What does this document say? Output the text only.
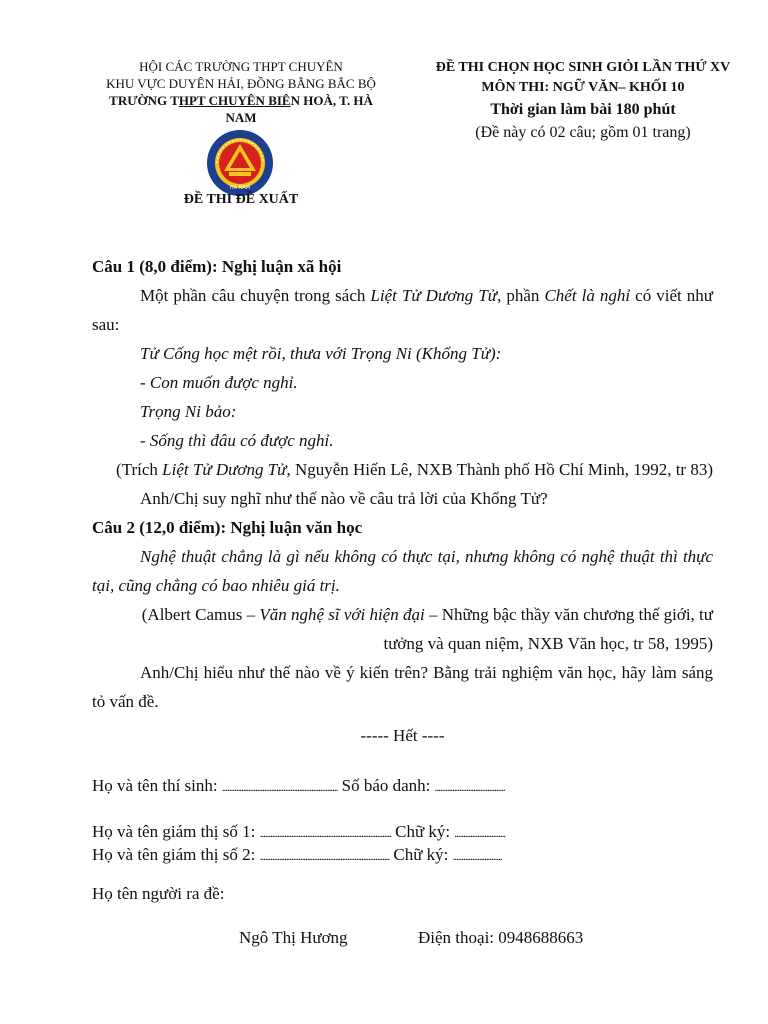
HỘI CÁC TRƯỜNG THPT CHUYÊN
KHU VỰC DUYÊN HẢI, ĐỒNG BẰNG BẮC BỘ
TRƯỜNG THPT CHUYÊN BIÊN HOÀ, T. HÀ
NAM
HÀ NAM
ĐỀ THI ĐỀ XUẤT
ĐỀ THI CHỌN HỌC SINH GIỎI LẦN THỨ XV
MÔN THI: NGỮ VĂN– KHỐI 10
Thời gian làm bài 180 phút
(Đề này có 02 câu; gồm 01 trang)

Câu 1 (8,0 điểm): Nghị luận xã hội

Một phần câu chuyện trong sách Liệt Tử Dương Tử, phần Chết là nghỉ có viết như sau:

Tử Cống học mệt rồi, thưa với Trọng Ni (Khổng Tử):

- Con muốn được nghỉ.

Trọng Ni bảo:

- Sống thì đâu có được nghỉ.

(Trích Liệt Tử Dương Tử, Nguyễn Hiến Lê, NXB Thành phố Hồ Chí Minh, 1992, tr 83)

Anh/Chị suy nghĩ như thế nào về câu trả lời của Khổng Tử?

Câu 2 (12,0 điểm): Nghị luận văn học

Nghệ thuật chẳng là gì nếu không có thực tại, nhưng không có nghệ thuật thì thực tại, cũng chẳng có bao nhiêu giá trị.

(Albert Camus – Văn nghệ sĩ với hiện đại – Những bậc thầy văn chương thế giới, tư tưởng và quan niệm, NXB Văn học, tr 58, 1995)

Anh/Chị hiểu như thế nào về ý kiến trên? Bằng trải nghiệm văn học, hãy làm sáng tỏ vấn đề.

----- Hết ----
Họ và tên thí sinh: .................................................................. Số báo danh: ........................................
Họ và tên giám thị số 1: ........................................................................... Chữ ký: .............................
Họ và tên giám thị số 2: .......................................................................... Chữ ký: ............................
Họ tên người ra đề:
Ngô Thị Hương	Điện thoại: 0948688663
